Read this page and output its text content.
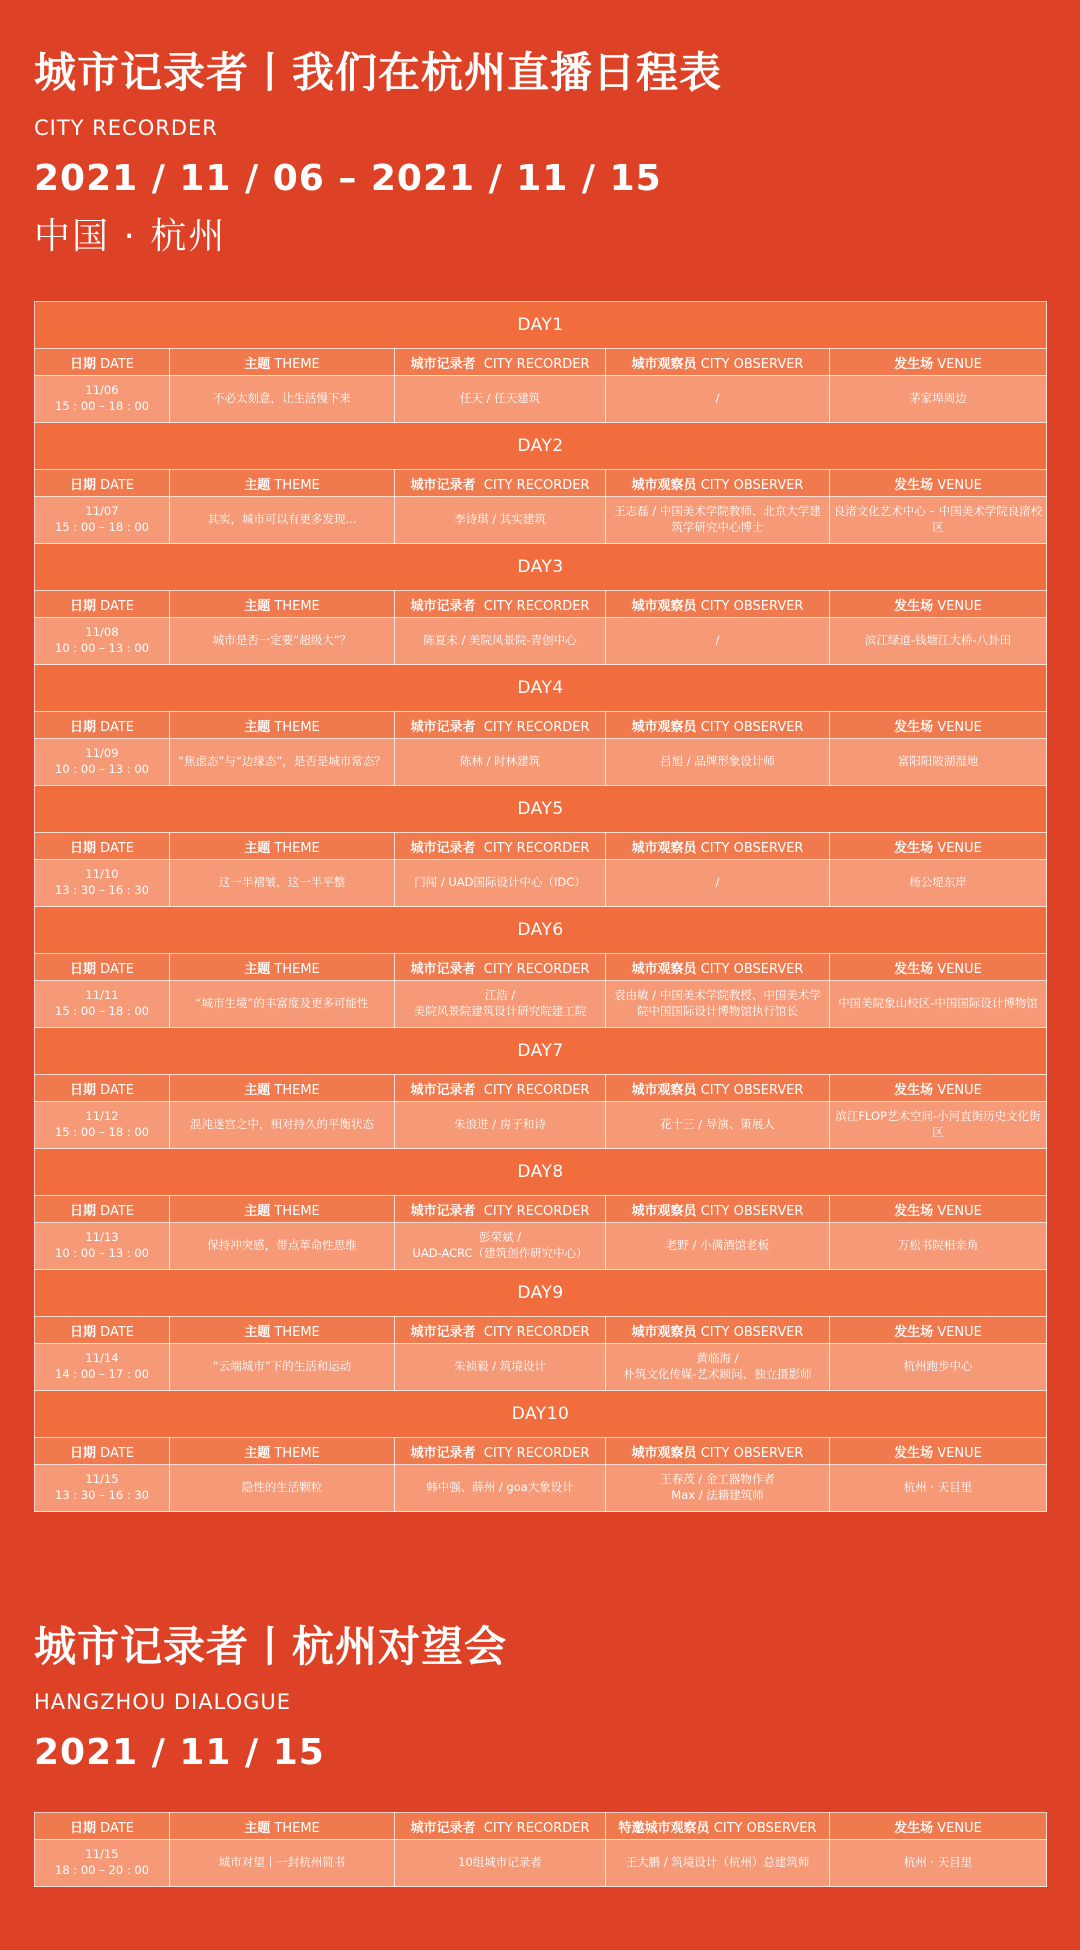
城市记录者丨我们在杭州直播日程表

CITY RECORDER

2021 / 11 / 06 – 2021 / 11 / 15

中国 · 杭州

DAY1				
日期 DATE	主题 THEME	城市记录者 CITY RECORDER	城市观察员 CITY OBSERVER	发生场 VENUE
11/06
15 : 00 – 18 : 00	不必太刻意，让生活慢下来	任天 / 任天建筑	/	茅家埠周边
DAY2				
日期 DATE	主题 THEME	城市记录者 CITY RECORDER	城市观察员 CITY OBSERVER	发生场 VENUE
11/07
15 : 00 – 18 : 00	其实，城市可以有更多发现...	李诗琪 / 其实建筑	王志磊 / 中国美术学院教师、北京大学建筑学研究中心博士	良渚文化艺术中心 – 中国美术学院良渚校区
DAY3				
日期 DATE	主题 THEME	城市记录者 CITY RECORDER	城市观察员 CITY OBSERVER	发生场 VENUE
11/08
10 : 00 – 13 : 00	城市是否一定要“超级大”？	陈夏未 / 美院风景院-青创中心	/	滨江绿道-钱塘江大桥-八卦田
DAY4				
日期 DATE	主题 THEME	城市记录者 CITY RECORDER	城市观察员 CITY OBSERVER	发生场 VENUE
11/09
10 : 00 – 13 : 00	“焦虑态”与“边缘态”，是否是城市常态？	陈林 / 时林建筑	吕旭 / 品牌形象设计师	富阳阳陂湖湿地
DAY5				
日期 DATE	主题 THEME	城市记录者 CITY RECORDER	城市观察员 CITY OBSERVER	发生场 VENUE
11/10
13 : 30 – 16 : 30	这一半褶皱，这一半平整	门闯 / UAD国际设计中心（IDC）	/	杨公堤东岸
DAY6				
日期 DATE	主题 THEME	城市记录者 CITY RECORDER	城市观察员 CITY OBSERVER	发生场 VENUE
11/11
15 : 00 – 18 : 00	“城市生境”的丰富度及更多可能性	江浩 /
美院风景院建筑设计研究院建工院	袁由敏 / 中国美术学院教授、中国美术学院中国国际设计博物馆执行馆长	中国美院象山校区-中国国际设计博物馆
DAY7				
日期 DATE	主题 THEME	城市记录者 CITY RECORDER	城市观察员 CITY OBSERVER	发生场 VENUE
11/12
15 : 00 – 18 : 00	混沌迷宫之中，相对持久的平衡状态	朱浪进 / 房子和诗	花十三 / 导演、策展人	滨江FLOP艺术空间-小河直街历史文化街区
DAY8				
日期 DATE	主题 THEME	城市记录者 CITY RECORDER	城市观察员 CITY OBSERVER	发生场 VENUE
11/13
10 : 00 – 13 : 00	保持冲突感，带点革命性思维	彭荣斌 /
UAD-ACRC（建筑创作研究中心）	老野 / 小满酒馆老板	万松书院相亲角
DAY9				
日期 DATE	主题 THEME	城市记录者 CITY RECORDER	城市观察员 CITY OBSERVER	发生场 VENUE
11/14
14 : 00 – 17 : 00	“云端城市”下的生活和运动	朱祯毅 / 筑境设计	黄临海 /
朴筑文化传媒-艺术顾问、独立摄影师	杭州跑步中心
DAY10				
日期 DATE	主题 THEME	城市记录者 CITY RECORDER	城市观察员 CITY OBSERVER	发生场 VENUE
11/15
13 : 30 – 16 : 30	隐性的生活颗粒	韩中强、薛州 / goa大象设计	王春茂 / 金工器物作者
Max / 法籍建筑师	杭州 · 天目里
城市记录者丨杭州对望会

HANGZHOU DIALOGUE

2021 / 11 / 15

日期 DATE	主题 THEME	城市记录者 CITY RECORDER	特邀城市观察员 CITY OBSERVER	发生场 VENUE
11/15
18 : 00 – 20 : 00	城市对望丨一封杭州简书	10组城市记录者	王大鹏 / 筑境设计（杭州）总建筑师	杭州 · 天目里
